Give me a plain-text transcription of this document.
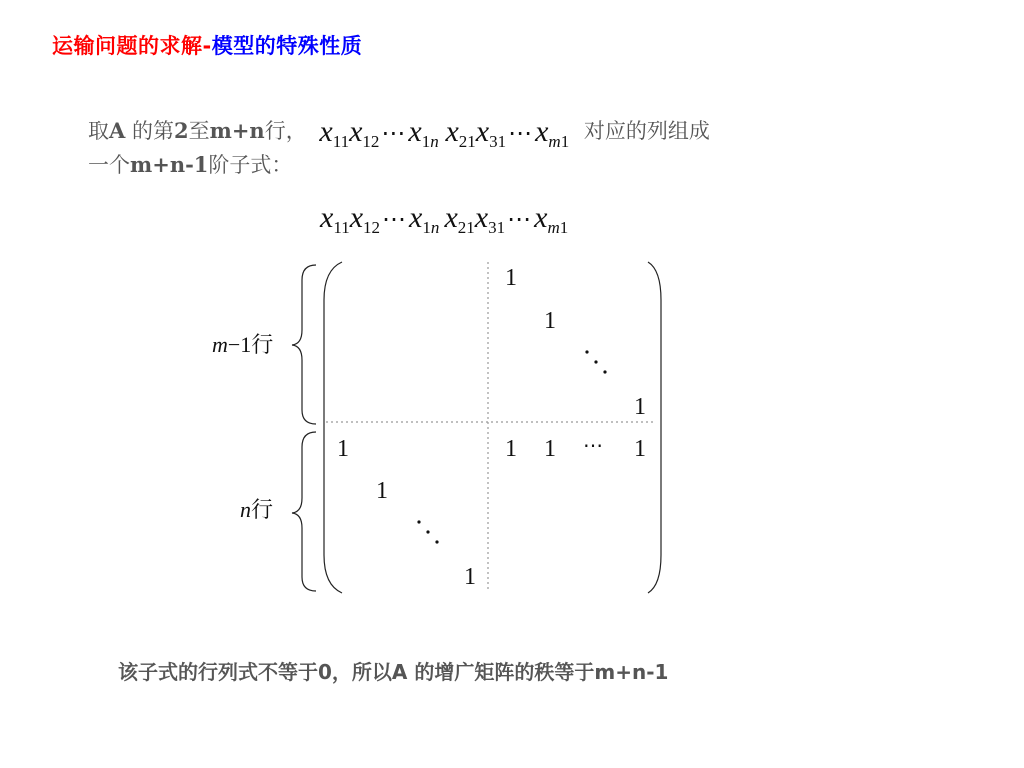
运输问题的求解-模型的特殊性质
取A 的第2至m+n行， $x_{11}x_{12}\cdots x_{1n}$ $x_{21}x_{31}\cdots x_{m1}$ 对应的列组成
一个m+n-1阶子式：
$x_{11}x_{12}\cdots x_{1n}$ $x_{21}x_{31}\cdots x_{m1}$
m−1行
n行
1
1
1
1	1 1 ⋯ 1
1
1
该子式的行列式不等于0，所以A 的增广矩阵的秩等于m+n-1
